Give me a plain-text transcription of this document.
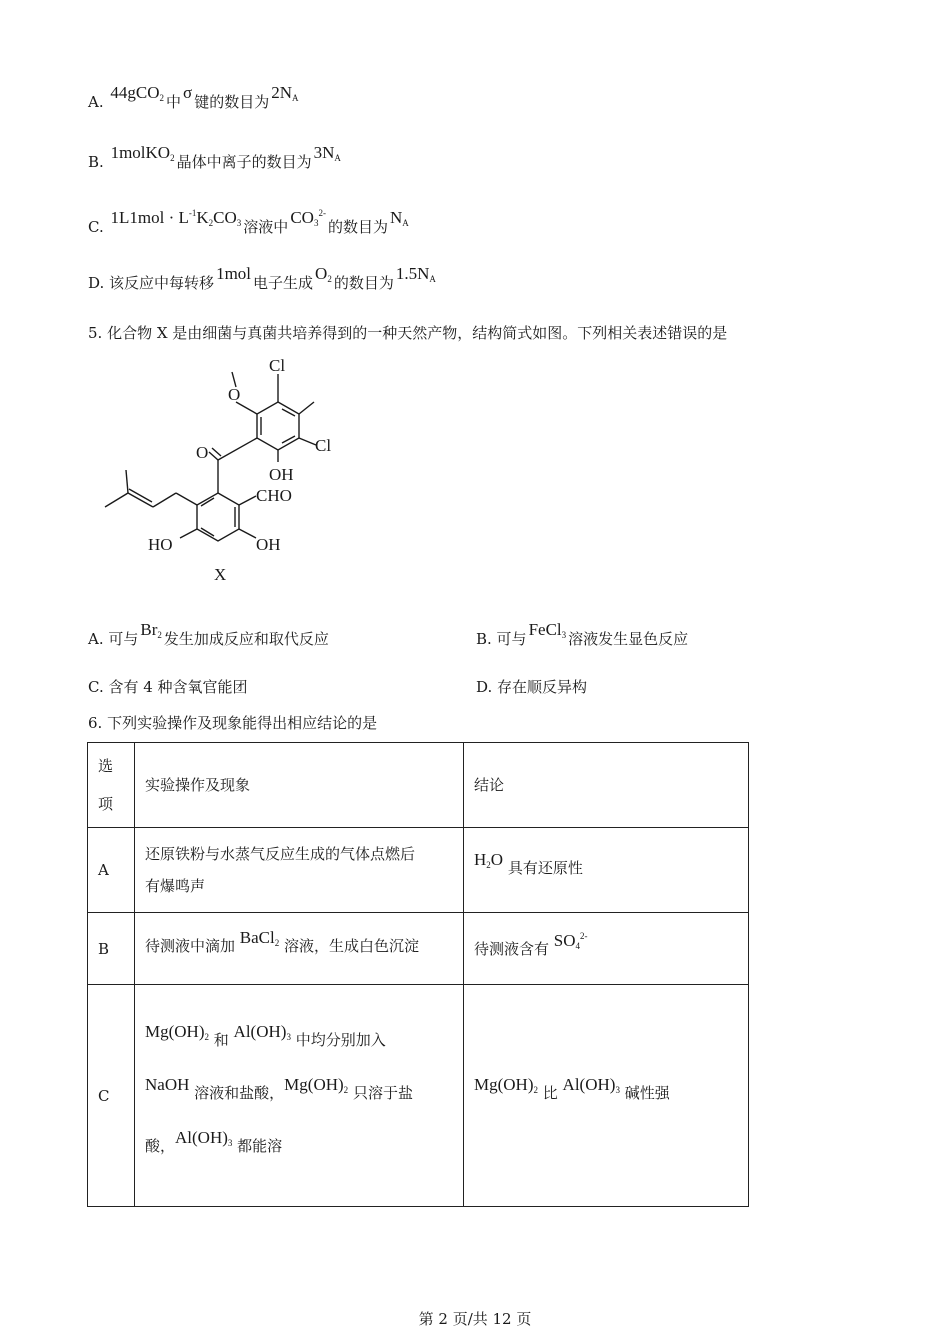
A. 44gCO$_2$ 中 σ 键的数目为 $2N_A$
B. 1molKO$_2$ 晶体中离子的数目为 $3N_A$
C. $1L1mol \cdot L^{-1}K_2CO_3$ 溶液中 $CO_3^{2-}$的数目为 $N_A$
D. 该反应中每转移 1mol 电子生成 $O_2$ 的数目为 $1.5N_A$
5. 化合物 X 是由细菌与真菌共培养得到的一种天然产物，结构简式如图。下列相关表述错误的是
Cl
Cl
OH
O
O
CHO
HO	OH
X
A. 可与 $Br_2$ 发生加成反应和取代反应	B. 可与 FeCl$_3$ 溶液发生显色反应
C. 含有 4 种含氧官能团	D. 存在顺反异构
6. 下列实验操作及现象能得出相应结论的是
选项	实验操作及现象	结论
A	还原铁粉与水蒸气反应生成的气体点燃后
有爆鸣声	$H_2O$ 具有还原性
B	待测液中滴加 BaCl$_2$ 溶液，生成白色沉淀	待测液含有 $SO_4^{2-}$
C	$Mg(OH)_2$ 和 $Al(OH)_3$ 中均分别加入

NaOH 溶液和盐酸，$Mg(OH)_2$ 只溶于盐

酸，$Al(OH)_3$ 都能溶	$Mg(OH)_2$ 比 $Al(OH)_3$ 碱性强
第 2 页/共 12 页
